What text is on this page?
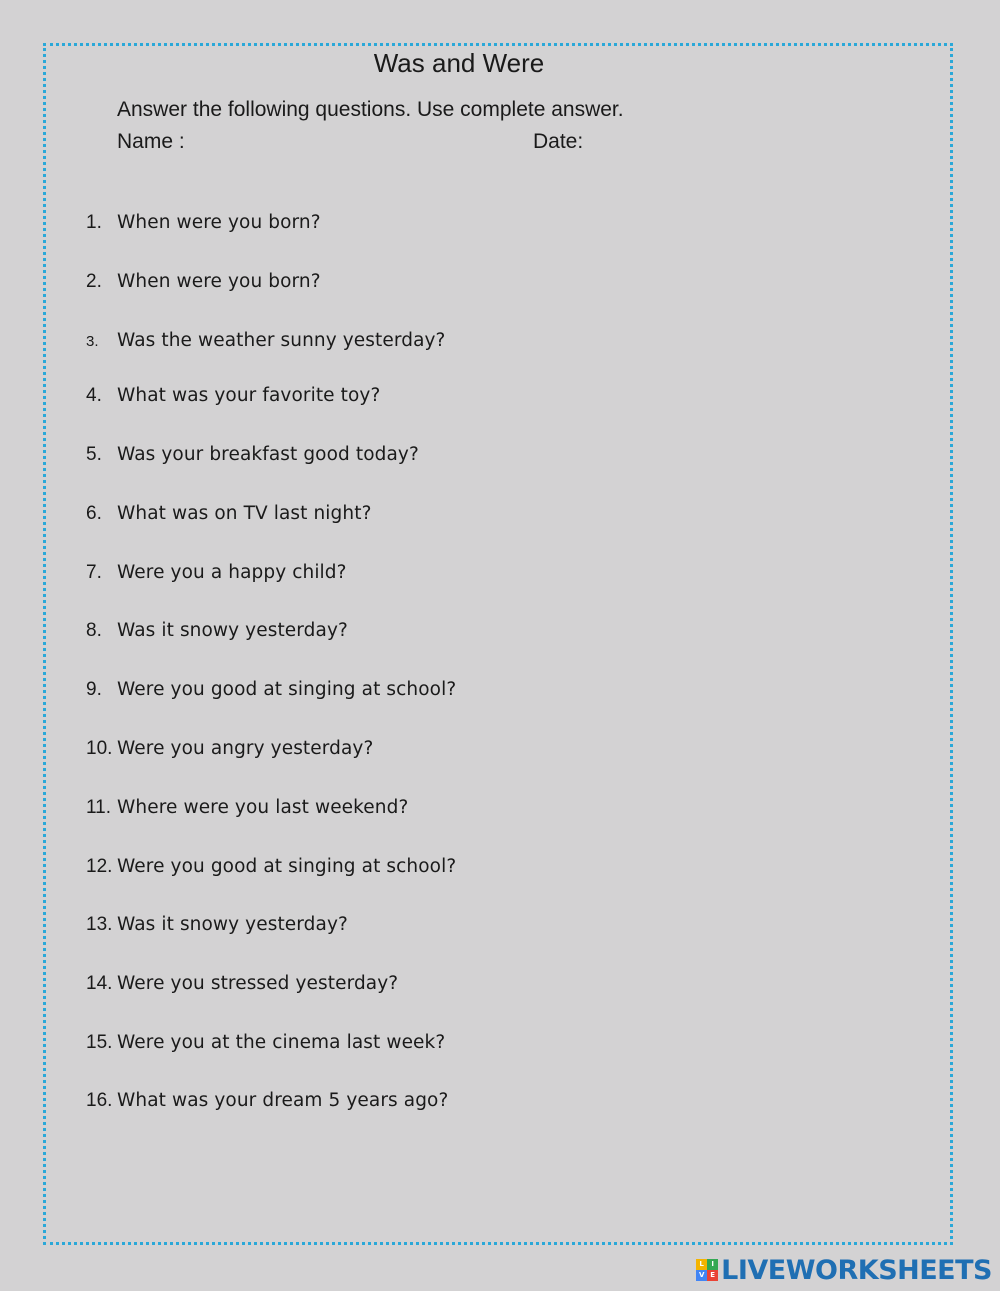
Was and Were
Answer the following questions. Use complete answer.
Name :	Date:
1. When were you born?
2. When were you born?
3. Was the weather sunny yesterday?
4. What was your favorite toy?
5. Was your breakfast good today?
6. What was on TV last night?
7. Were you a happy child?
8. Was it snowy yesterday?
9. Were you good at singing at school?
10. Were you angry yesterday?
11. Where were you last weekend?
12. Were you good at singing at school?
13. Was it snowy yesterday?
14. Were you stressed yesterday?
15. Were you at the cinema last week?
16. What was your dream 5 years ago?
L	I
V E LIVEWORKSHEETS
